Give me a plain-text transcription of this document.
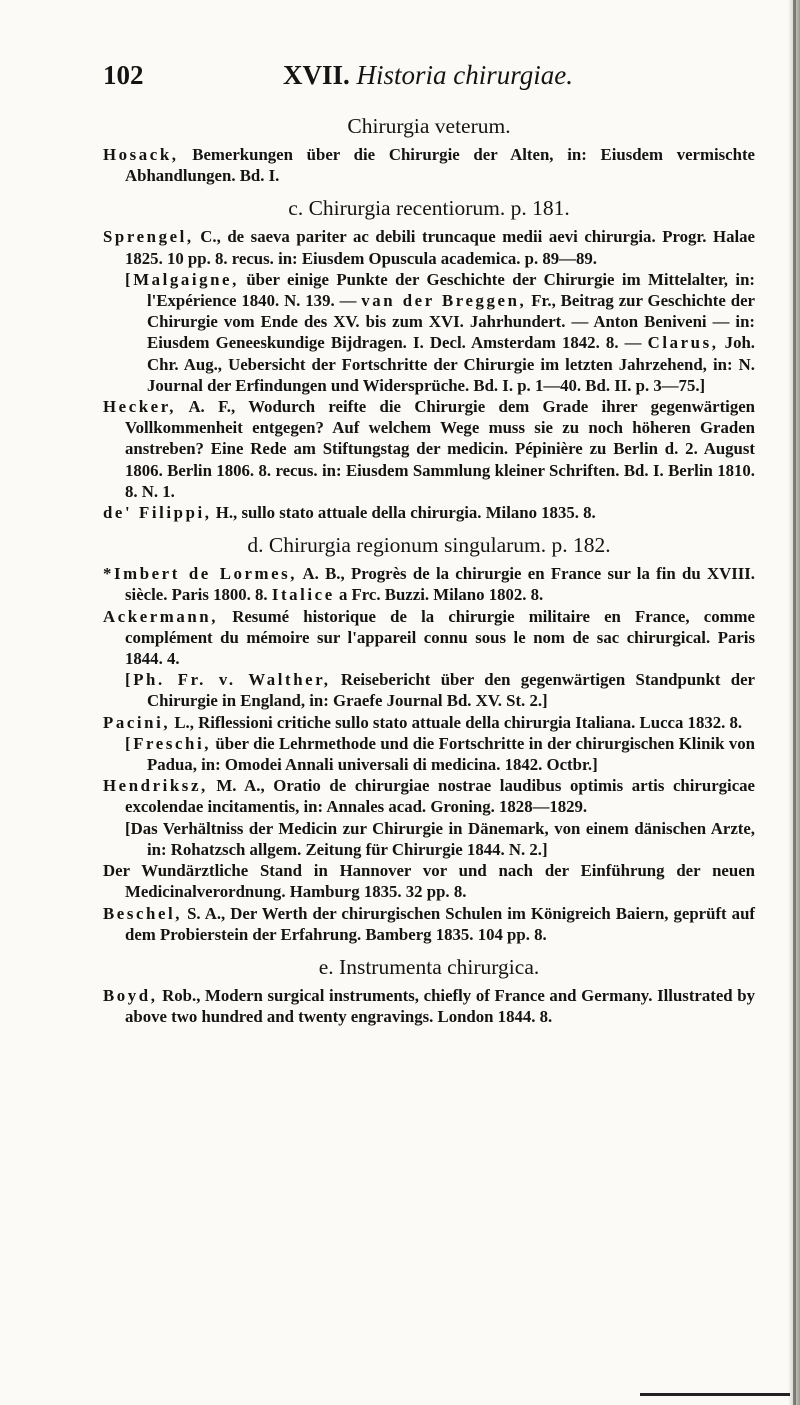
102	XVII. Historia chirurgiae.

Chirurgia veterum.

Hosack, Bemerkungen über die Chirurgie der Alten, in: Eiusdem vermischte Abhandlungen. Bd. I.

c. Chirurgia recentiorum. p. 181.

Sprengel, C., de saeva pariter ac debili truncaque medii aevi chirurgia. Progr. Halae 1825. 10 pp. 8. recus. in: Eiusdem Opuscula academica. p. 89—89.

[Malgaigne, über einige Punkte der Geschichte der Chirurgie im Mittelalter, in: l'Expérience 1840. N. 139. — van der Breggen, Fr., Beitrag zur Geschichte der Chirurgie vom Ende des XV. bis zum XVI. Jahrhundert. — Anton Beniveni — in: Eiusdem Geneeskundige Bijdragen. I. Decl. Amsterdam 1842. 8. — Clarus, Joh. Chr. Aug., Uebersicht der Fortschritte der Chirurgie im letzten Jahrzehend, in: N. Journal der Erfindungen und Widersprüche. Bd. I. p. 1—40. Bd. II. p. 3—75.]

Hecker, A. F., Wodurch reifte die Chirurgie dem Grade ihrer gegenwärtigen Vollkommenheit entgegen? Auf welchem Wege muss sie zu noch höheren Graden anstreben? Eine Rede am Stiftungstag der medicin. Pépinière zu Berlin d. 2. August 1806. Berlin 1806. 8. recus. in: Eiusdem Sammlung kleiner Schriften. Bd. I. Berlin 1810. 8. N. 1.

de' Filippi, H., sullo stato attuale della chirurgia. Milano 1835. 8.

d. Chirurgia regionum singularum. p. 182.

*Imbert de Lormes, A. B., Progrès de la chirurgie en France sur la fin du XVIII. siècle. Paris 1800. 8. Italice a Frc. Buzzi. Milano 1802. 8.

Ackermann, Resumé historique de la chirurgie militaire en France, comme complément du mémoire sur l'appareil connu sous le nom de sac chirurgical. Paris 1844. 4.

[Ph. Fr. v. Walther, Reisebericht über den gegenwärtigen Standpunkt der Chirurgie in England, in: Graefe Journal Bd. XV. St. 2.]

Pacini, L., Riflessioni critiche sullo stato attuale della chirurgia Italiana. Lucca 1832. 8.

[Freschi, über die Lehrmethode und die Fortschritte in der chirurgischen Klinik von Padua, in: Omodei Annali universali di medicina. 1842. Octbr.]

Hendriksz, M. A., Oratio de chirurgiae nostrae laudibus optimis artis chirurgicae excolendae incitamentis, in: Annales acad. Groning. 1828—1829.

[Das Verhältniss der Medicin zur Chirurgie in Dänemark, von einem dänischen Arzte, in: Rohatzsch allgem. Zeitung für Chirurgie 1844. N. 2.]

Der Wundärztliche Stand in Hannover vor und nach der Einführung der neuen Medicinalverordnung. Hamburg 1835. 32 pp. 8.

Beschel, S. A., Der Werth der chirurgischen Schulen im Königreich Baiern, geprüft auf dem Probierstein der Erfahrung. Bamberg 1835. 104 pp. 8.

e. Instrumenta chirurgica.

Boyd, Rob., Modern surgical instruments, chiefly of France and Germany. Illustrated by above two hundred and twenty engravings. London 1844. 8.
